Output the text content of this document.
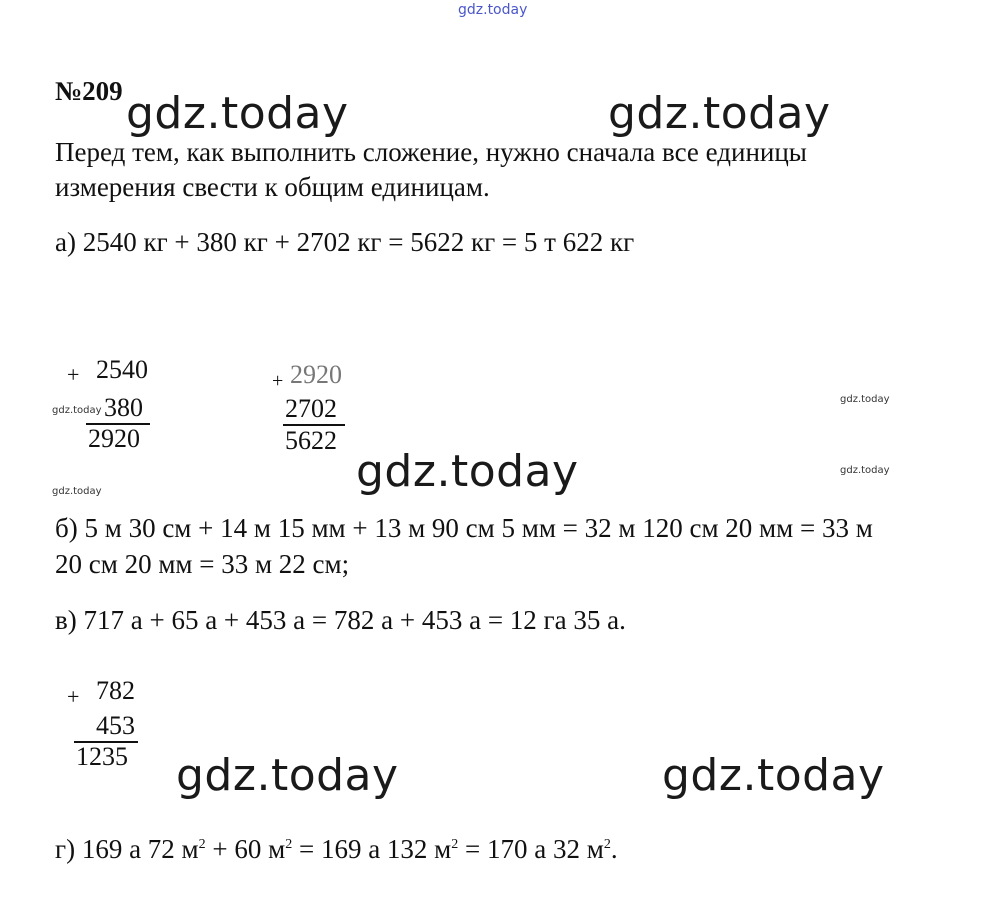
gdz.today
№209 gdz.today	gdz.today
Перед тем, как выполнить сложение, нужно сначала все единицы
измерения свести к общим единицам.
а) 2540 кг + 380 кг + 2702 кг = 5622 кг = 5 т 622 кг
+ 2540
380
2920
gdz.today
+ 2920
2702
5622
gdz.today
gdz.today	gdz.today
gdz.today
б) 5 м 30 см + 14 м 15 мм + 13 м 90 см 5 мм = 32 м 120 см 20 мм = 33 м
20 см 20 мм = 33 м 22 см;
в) 717 а + 65 а + 453 а = 782 а + 453 а = 12 га 35 а.
+ 782
453
1235 gdz.today	gdz.today
г) 169 а 72 $м^2 + 60$ $м^2 = 169$ а 132 $м^2 = 170$ а 32 $м^2$.
